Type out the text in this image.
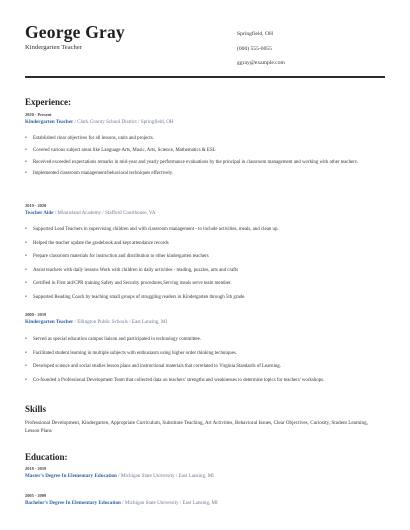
George Gray
Kindergarten Teacher
Springfield, OH
(000) 555-0055
ggray@example.com
Experience:
2020 - Present
Kindergarten Teacher / Clark County School District / Springfield, OH
• Established clear objectives for all lessons, units and projects.
• Covered various subject areas like Language Arts, Music, Arts, Science, Mathematics & ESL
• Received exceeded expectations remarks in mid-year and yearly performance evaluations by the principal in classroom management and working with other teachers.
• Implemented classroom management/behavioral techniques effectively.
2019 - 2020
Teacher Aide / Minnisland Academy / Stafford Courthouse, VA
• Supported Lead Teachers in supervising children and with classroom management - to include activities, meals, and clean up.
• Helped the teacher update the gradebook and kept attendance records
• Prepare classroom materials for instruction and distribution to other kindergarten teachers
• Assist teachers with daily lessons Work with children in daily activities - reading, puzzles, arts and crafts
• Certified in First aid/CPR training Safety and Security procedures,Serving meals serve team member.
• Supported Reading Coach by teaching small groups of struggling readers in Kindergarten through 5th grade.
2000 - 2019
Kindergarten Teacher / Ellington Public Schools / East Lansing, MI
• Served as special education campus liaison and participated in technology committee.
• Facilitated student learning in multiple subjects with enthusiasm using higher order thinking techniques.
• Developed science and social studies lesson plans and instructional materials that correlated to Virginia Standards of Learning.
• Co-founded a Professional Development Team that collected data on teachers' strengths and weaknesses to determine topics for teachers' workshops.
Skills
Professional Development, Kindergarten, Appropriate Curriculum, Substitute Teaching, Art Activities, Behavioral Issues, Clear Objectives, Curiosity, Student Learning, Lesson Plans
Education:
2018 - 2019
Master's Degree In Elementary Education / Michigan State University / East Lansing, MI
2005 - 2009
Bachelor's Degree In Elementary Education / Michigan State University / East Lansing, MI
